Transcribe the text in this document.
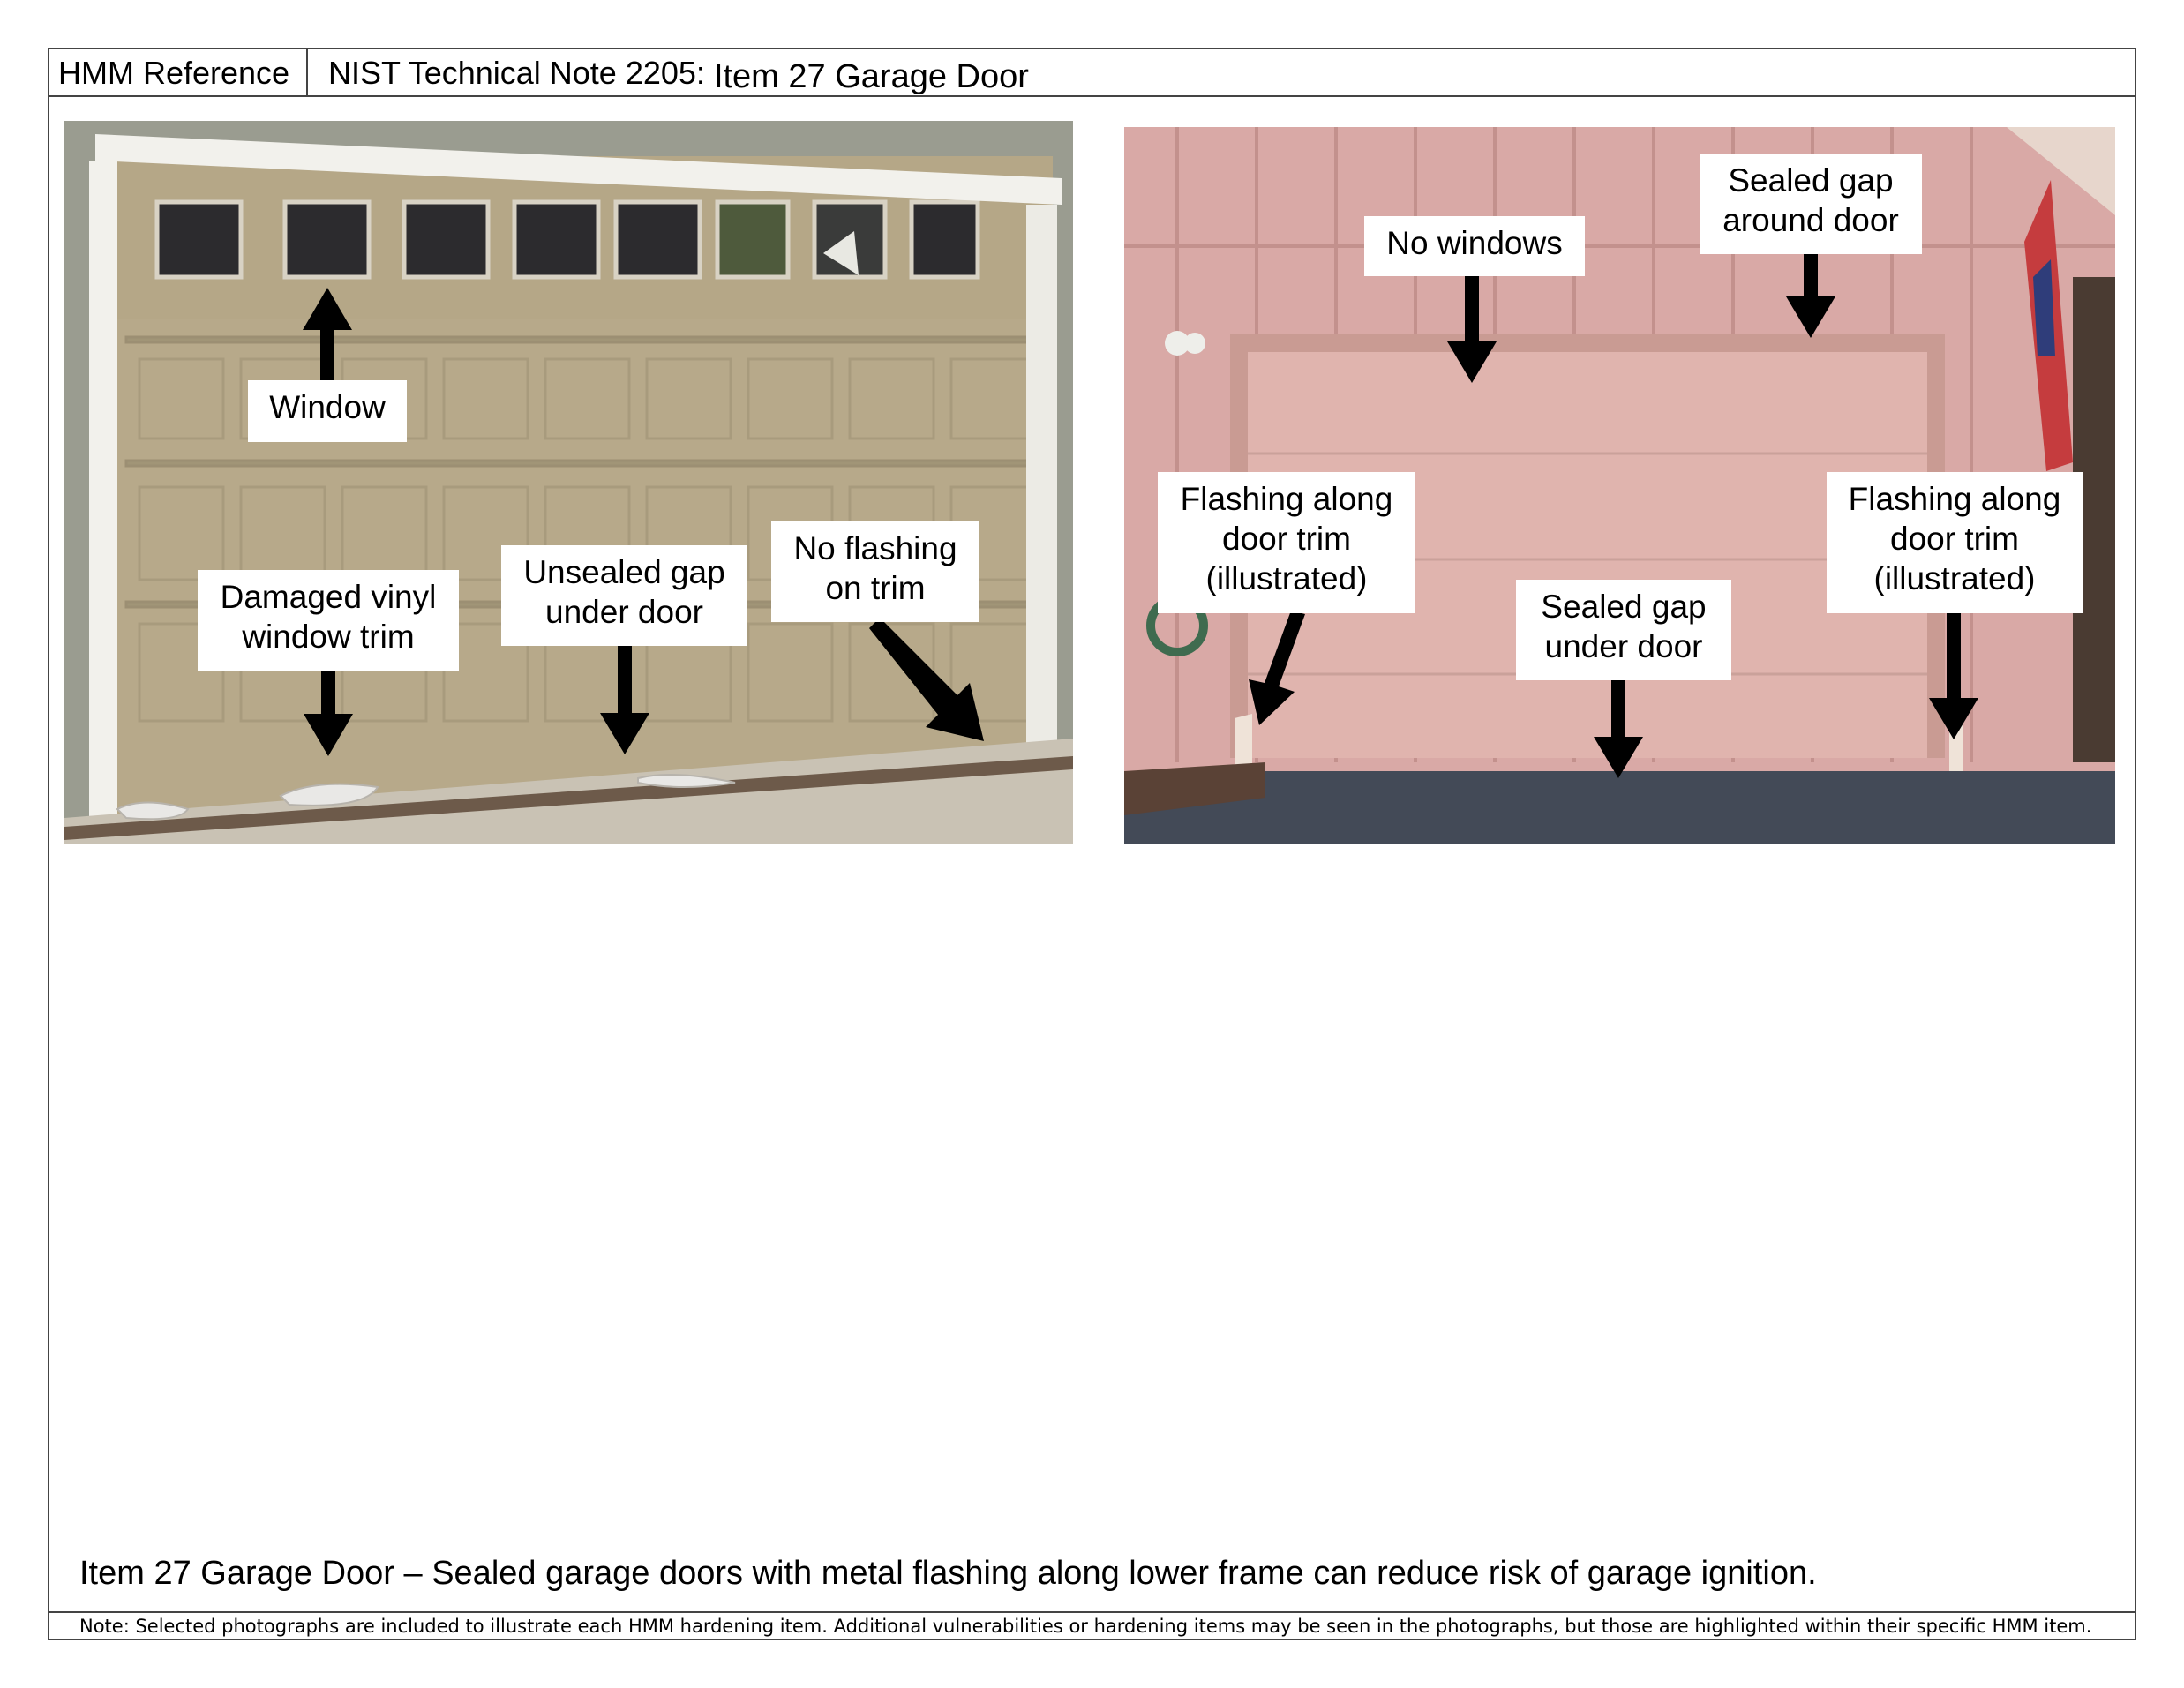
HMM Reference NIST Technical Note 2205: Item 27 Garage Door
Window
Damaged vinyl
window trim
Unsealed gap
under door
No flashing
on trim
No windows
Sealed gap
around door
Flashing along
door trim
(illustrated)
Sealed gap
under door
Flashing along
door trim
(illustrated)
Item 27 Garage Door – Sealed garage doors with metal flashing along lower frame can reduce risk of garage ignition.
Note: Selected photographs are included to illustrate each HMM hardening item. Additional vulnerabilities or hardening items may be seen in the photographs, but those are highlighted within their specific HMM item.
